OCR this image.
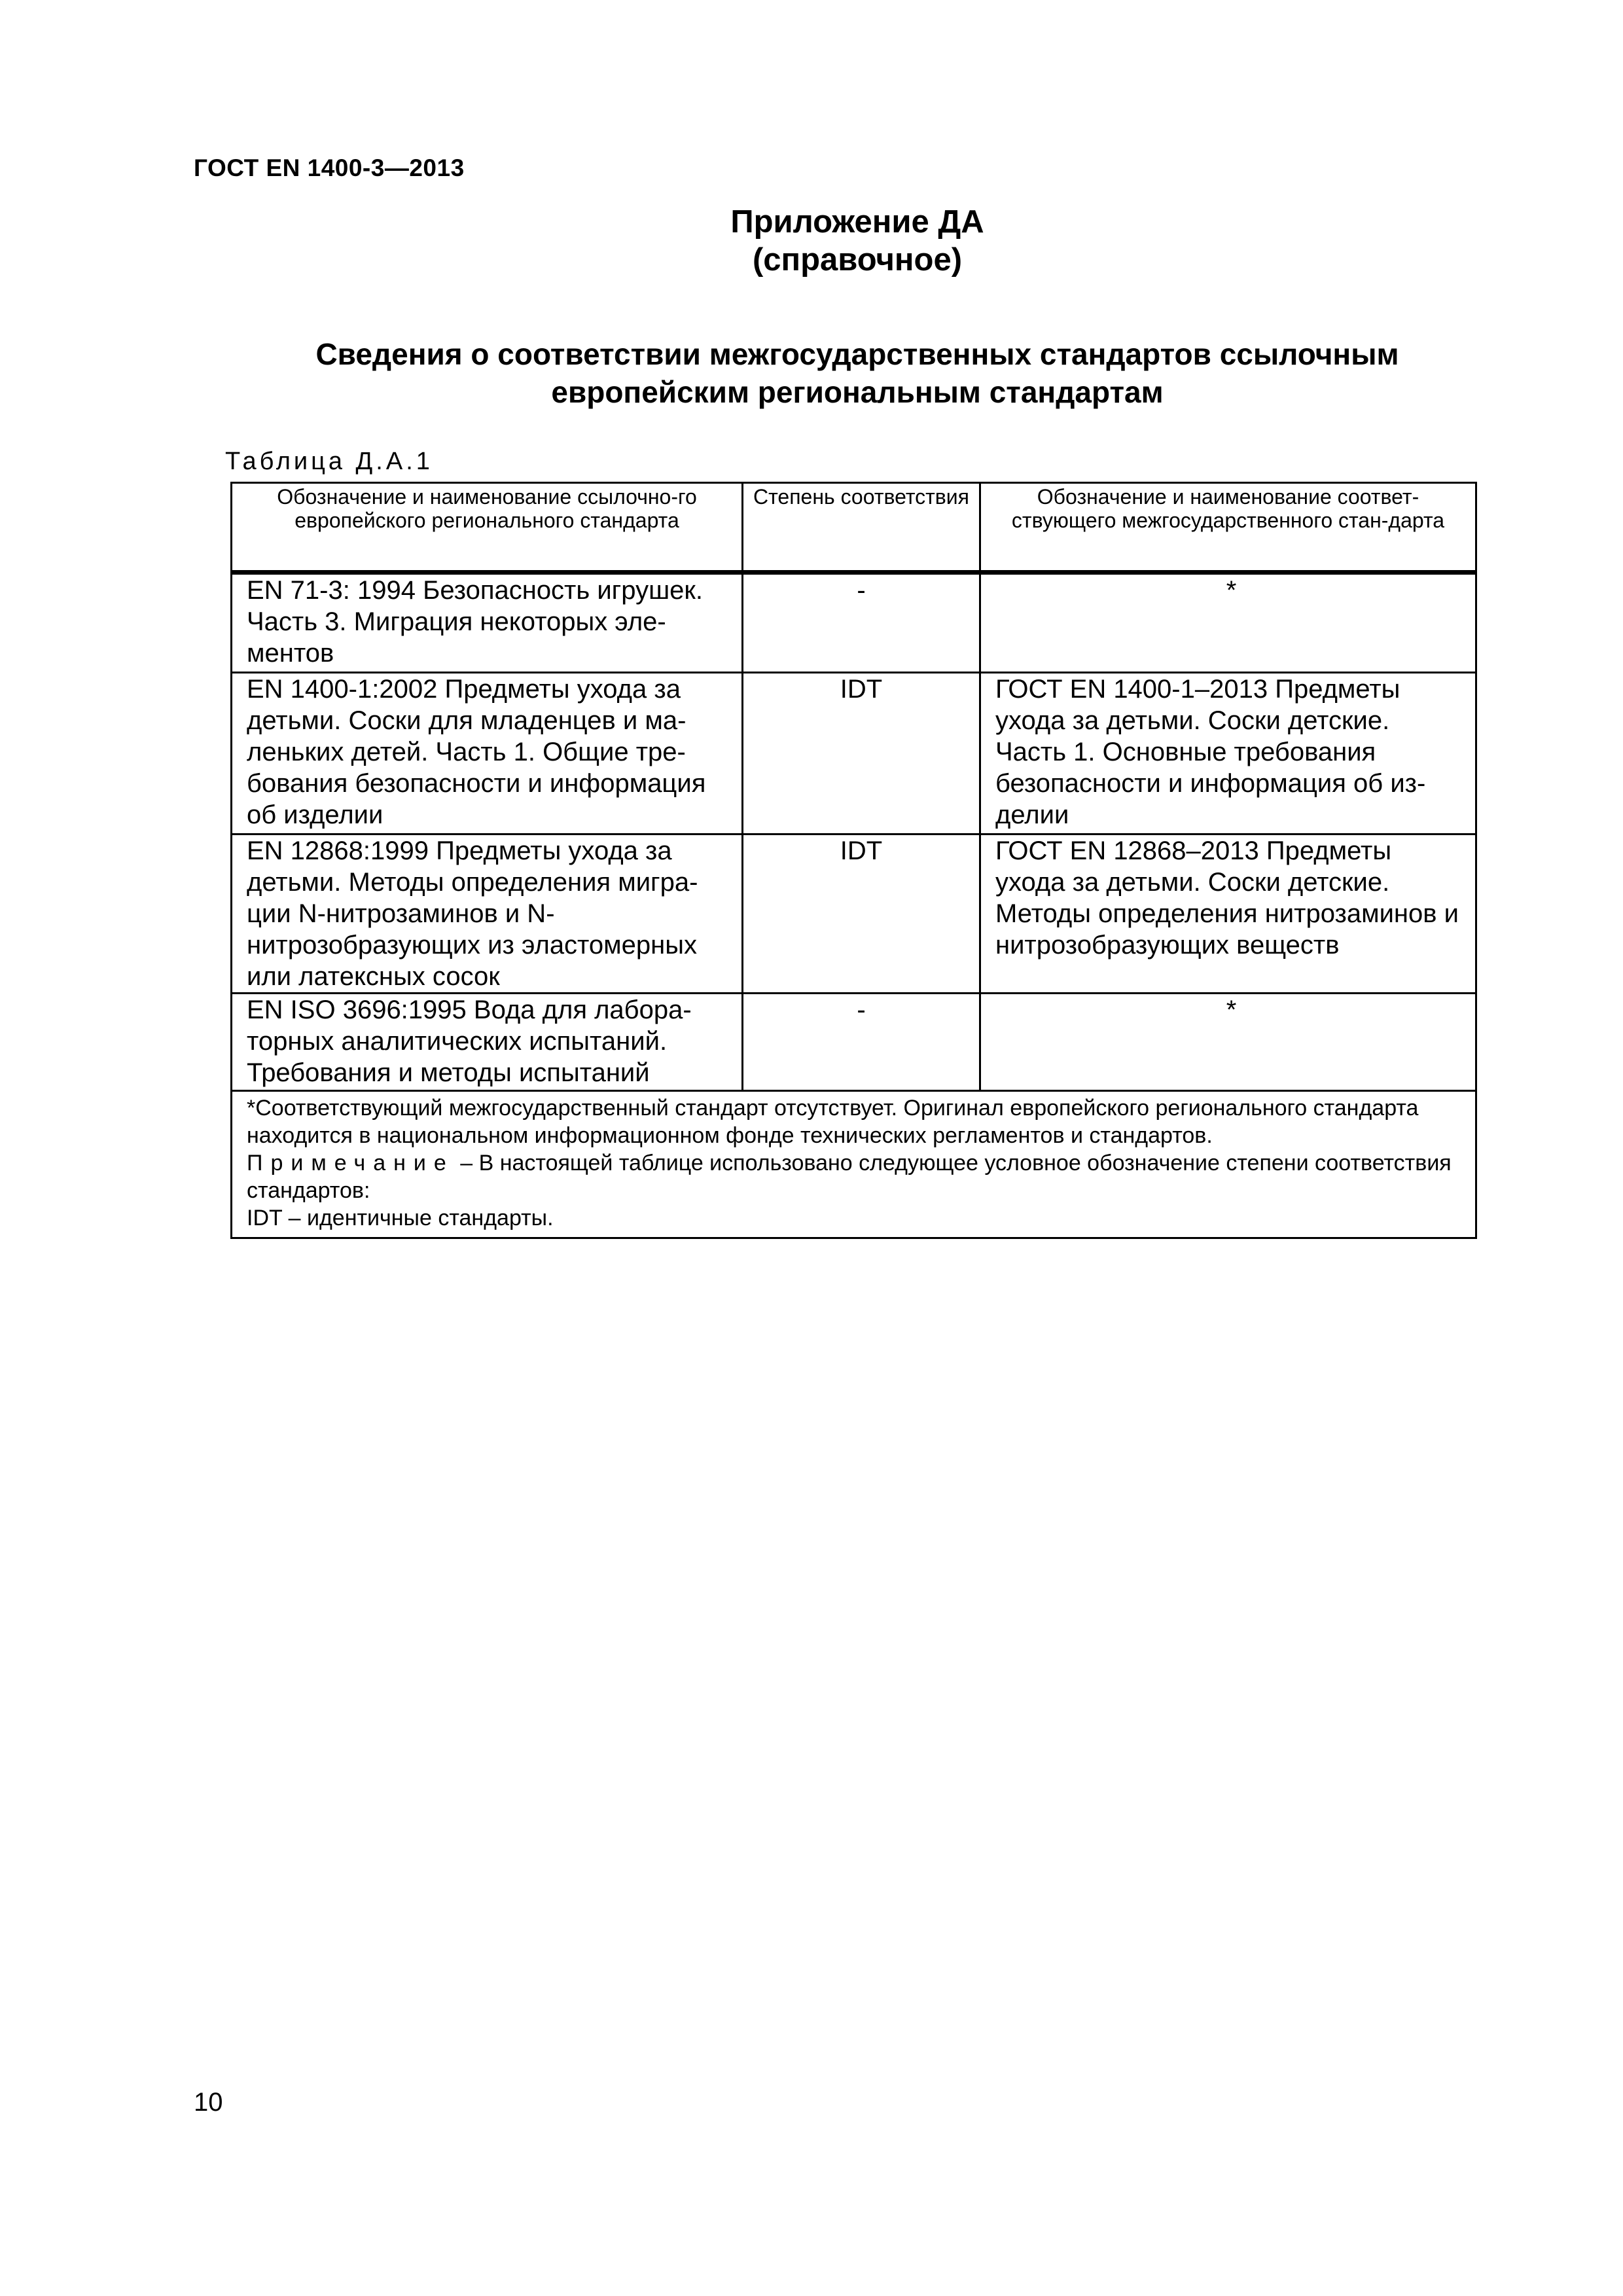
ГОСТ EN 1400-3—2013
Приложение ДА
(справочное)
Сведения о соответствии межгосударственных стандартов ссылочным
европейским региональным стандартам
Таблица Д.А.1
Обозначение и наименование ссылочно-го европейского регионального стандарта	Степень соответствия	Обозначение и наименование соответ-ствующего межгосударственного стан-дарта
EN 71-3: 1994 Безопасность игрушек. Часть 3. Миграция некоторых эле-ментов	-	*
EN 1400-1:2002 Предметы ухода за детьми. Соски для младенцев и ма-леньких детей. Часть 1. Общие тре-бования безопасности и информация об изделии	IDT	ГОСТ EN 1400-1–2013 Предметы ухода за детьми. Соски детские. Часть 1. Основные требования безопасности и информация об из-делии
EN 12868:1999 Предметы ухода за детьми. Методы определения мигра-ции N-нитрозаминов и N-нитрозобразующих из эластомерных или латексных сосок	IDT	ГОСТ EN 12868–2013 Предметы ухода за детьми. Соски детские. Методы определения нитрозаминов и нитрозобразующих веществ
EN ISO 3696:1995 Вода для лабора-торных аналитических испытаний. Требования и методы испытаний	-	*

*Соответствующий межгосударственный стандарт отсутствует. Оригинал европейского регионального стандарта находится в национальном информационном фонде технических регламентов и стандартов.
Примечание – В настоящей таблице использовано следующее условное обозначение степени соответствия стандартов:
IDT – идентичные стандарты.		
10
